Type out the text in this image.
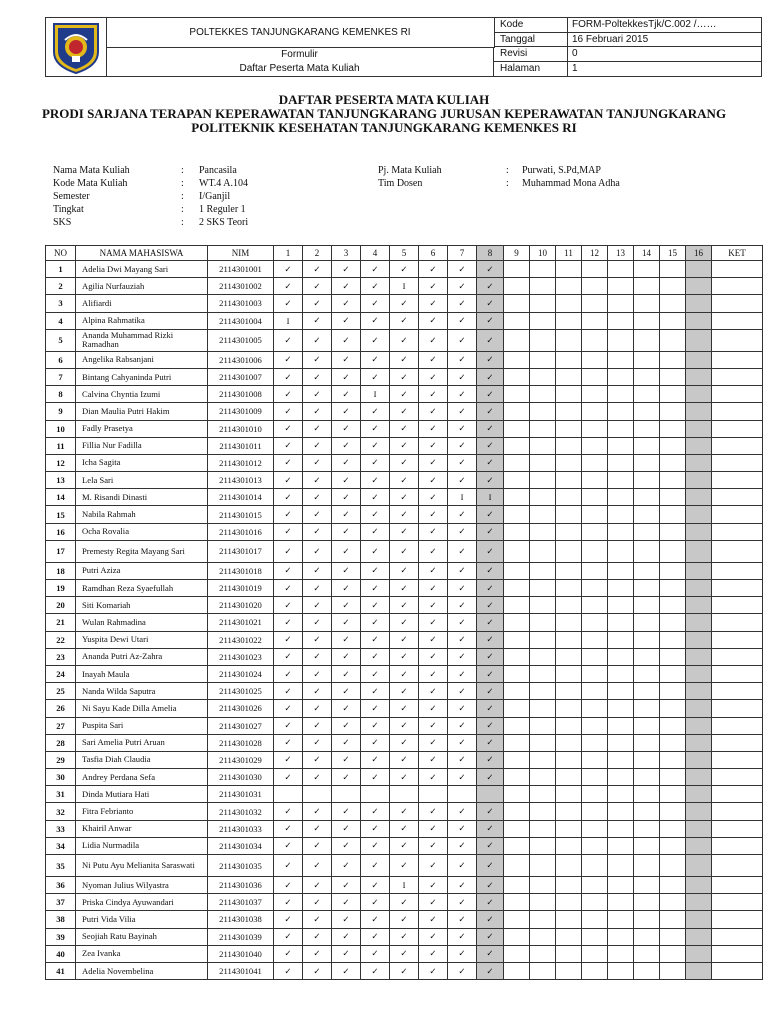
POLTEKKES TANJUNGKARANG KEMENKES RI
Formulir
Daftar Peserta Mata Kuliah
Kode	FORM-PoltekkesTjk/C.002 /……
Tanggal	16 Februari 2015
Revisi	0
Halaman	1
DAFTAR PESERTA MATA KULIAH
PRODI SARJANA TERAPAN KEPERAWATAN TANJUNGKARANG JURUSAN KEPERAWATAN TANJUNGKARANG
POLITEKNIK KESEHATAN TANJUNGKARANG KEMENKES RI
Nama Mata Kuliah	:	Pancasila
Kode Mata Kuliah	:	WT.4 A.104
Semester	:	I/Ganjil
Tingkat	:	1 Reguler 1
SKS	:	2 SKS Teori
Pj. Mata Kuliah	:	Purwati, S.Pd,MAP
Tim Dosen	:	Muhammad Mona Adha
NO	NAMA MAHASISWA	NIM	1	2	3	4	5	6	7	8	9	10	11	12	13	14	15	16	KET
1	Adelia Dwi Mayang Sari	2114301001	✓	✓	✓	✓	✓	✓	✓	✓									
2	Agilia Nurfauziah	2114301002	✓	✓	✓	✓	I	✓	✓	✓									
3	Alifiardi	2114301003	✓	✓	✓	✓	✓	✓	✓	✓									
4	Alpina Rahmatika	2114301004	I	✓	✓	✓	✓	✓	✓	✓									
5	Ananda Muhammad Rizki Ramadhan	2114301005	✓	✓	✓	✓	✓	✓	✓	✓									
6	Angelika Rabsanjani	2114301006	✓	✓	✓	✓	✓	✓	✓	✓									
7	Bintang Cahyaninda Putri	2114301007	✓	✓	✓	✓	✓	✓	✓	✓									
8	Calvina Chyntia Izumi	2114301008	✓	✓	✓	I	✓	✓	✓	✓									
9	Dian Maulia Putri Hakim	2114301009	✓	✓	✓	✓	✓	✓	✓	✓									
10	Fadly Prasetya	2114301010	✓	✓	✓	✓	✓	✓	✓	✓									
11	Fillia Nur Fadilla	2114301011	✓	✓	✓	✓	✓	✓	✓	✓									
12	Icha Sagita	2114301012	✓	✓	✓	✓	✓	✓	✓	✓									
13	Lela Sari	2114301013	✓	✓	✓	✓	✓	✓	✓	✓									
14	M. Risandi Dinasti	2114301014	✓	✓	✓	✓	✓	✓	I	I									
15	Nabila Rahmah	2114301015	✓	✓	✓	✓	✓	✓	✓	✓									
16	Ocha Rovalia	2114301016	✓	✓	✓	✓	✓	✓	✓	✓									
17	Premesty Regita Mayang Sari	2114301017	✓	✓	✓	✓	✓	✓	✓	✓									
18	Putri Aziza	2114301018	✓	✓	✓	✓	✓	✓	✓	✓									
19	Ramdhan Reza Syaefullah	2114301019	✓	✓	✓	✓	✓	✓	✓	✓									
20	Siti Komariah	2114301020	✓	✓	✓	✓	✓	✓	✓	✓									
21	Wulan Rahmadina	2114301021	✓	✓	✓	✓	✓	✓	✓	✓									
22	Yuspita Dewi Utari	2114301022	✓	✓	✓	✓	✓	✓	✓	✓									
23	Ananda Putri Az-Zahra	2114301023	✓	✓	✓	✓	✓	✓	✓	✓									
24	Inayah Maula	2114301024	✓	✓	✓	✓	✓	✓	✓	✓									
25	Nanda Wilda Saputra	2114301025	✓	✓	✓	✓	✓	✓	✓	✓									
26	Ni Sayu Kade Dilla Amelia	2114301026	✓	✓	✓	✓	✓	✓	✓	✓									
27	Puspita Sari	2114301027	✓	✓	✓	✓	✓	✓	✓	✓									
28	Sari Amelia Putri Aruan	2114301028	✓	✓	✓	✓	✓	✓	✓	✓									
29	Tasfia Diah Claudia	2114301029	✓	✓	✓	✓	✓	✓	✓	✓									
30	Andrey Perdana Sefa	2114301030	✓	✓	✓	✓	✓	✓	✓	✓									
31	Dinda Mutiara Hati	2114301031																	
32	Fitra Febrianto	2114301032	✓	✓	✓	✓	✓	✓	✓	✓									
33	Khairil Anwar	2114301033	✓	✓	✓	✓	✓	✓	✓	✓									
34	Lidia Nurmadila	2114301034	✓	✓	✓	✓	✓	✓	✓	✓									
35	Ni Putu Ayu Melianita Saraswati	2114301035	✓	✓	✓	✓	✓	✓	✓	✓									
36	Nyoman Julius Wilyastra	2114301036	✓	✓	✓	✓	I	✓	✓	✓									
37	Priska Cindya Ayuwandari	2114301037	✓	✓	✓	✓	✓	✓	✓	✓									
38	Putri Vida Vilia	2114301038	✓	✓	✓	✓	✓	✓	✓	✓									
39	Seojiah Ratu Bayinah	2114301039	✓	✓	✓	✓	✓	✓	✓	✓									
40	Zea Ivanka	2114301040	✓	✓	✓	✓	✓	✓	✓	✓									
41	Adelia Novembelina	2114301041	✓	✓	✓	✓	✓	✓	✓	✓									
